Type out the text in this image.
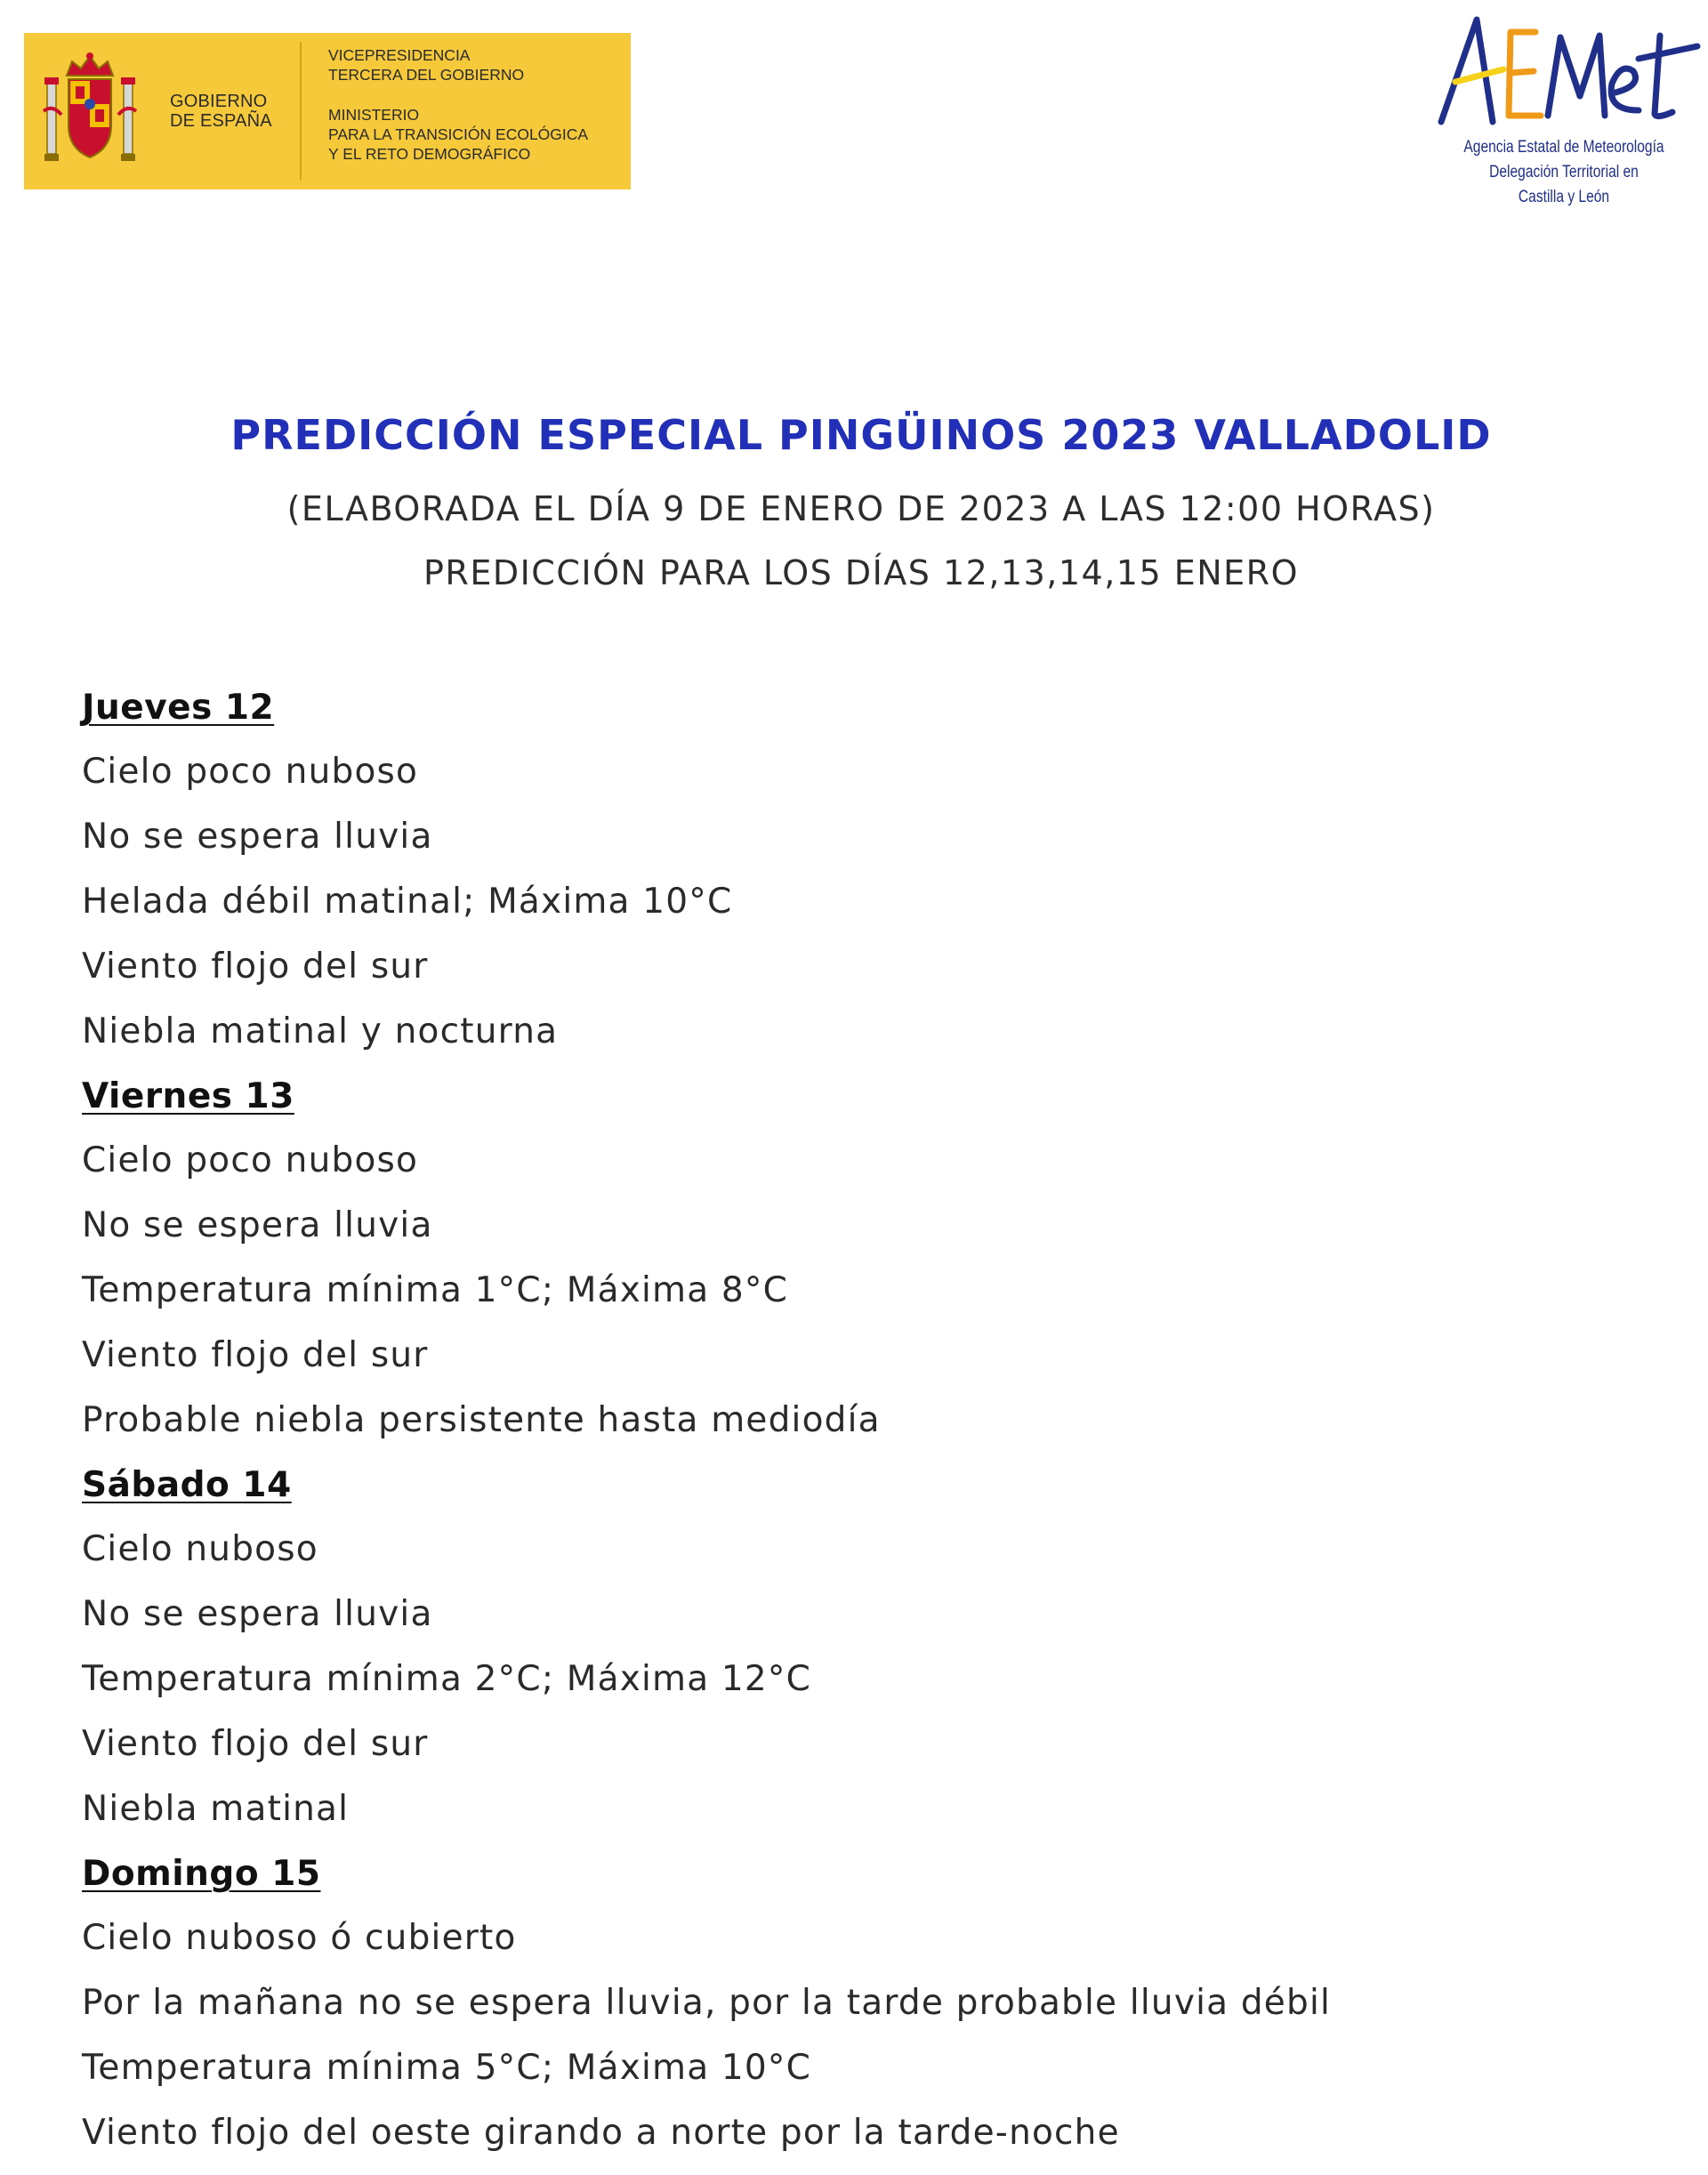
GOBIERNO
DE ESPAÑA
VICEPRESIDENCIA
TERCERA DEL GOBIERNO
MINISTERIO
PARA LA TRANSICIÓN ECOLÓGICA
Y EL RETO DEMOGRÁFICO	Agencia Estatal de Meteorología
Delegación Territorial en
Castilla y León
PREDICCIÓN ESPECIAL PINGÜINOS 2023 VALLADOLID
(ELABORADA EL DÍA 9 DE ENERO DE 2023 A LAS 12:00 HORAS)
PREDICCIÓN PARA LOS DÍAS 12,13,14,15 ENERO
Jueves 12
Cielo poco nuboso
No se espera lluvia
Helada débil matinal; Máxima 10°C
Viento flojo del sur
Niebla matinal y nocturna
Viernes 13
Cielo poco nuboso
No se espera lluvia
Temperatura mínima 1°C; Máxima 8°C
Viento flojo del sur
Probable niebla persistente hasta mediodía
Sábado 14
Cielo nuboso
No se espera lluvia
Temperatura mínima 2°C; Máxima 12°C
Viento flojo del sur
Niebla matinal
Domingo 15
Cielo nuboso ó cubierto
Por la mañana no se espera lluvia, por la tarde probable lluvia débil
Temperatura mínima 5°C; Máxima 10°C
Viento flojo del oeste girando a norte por la tarde-noche
